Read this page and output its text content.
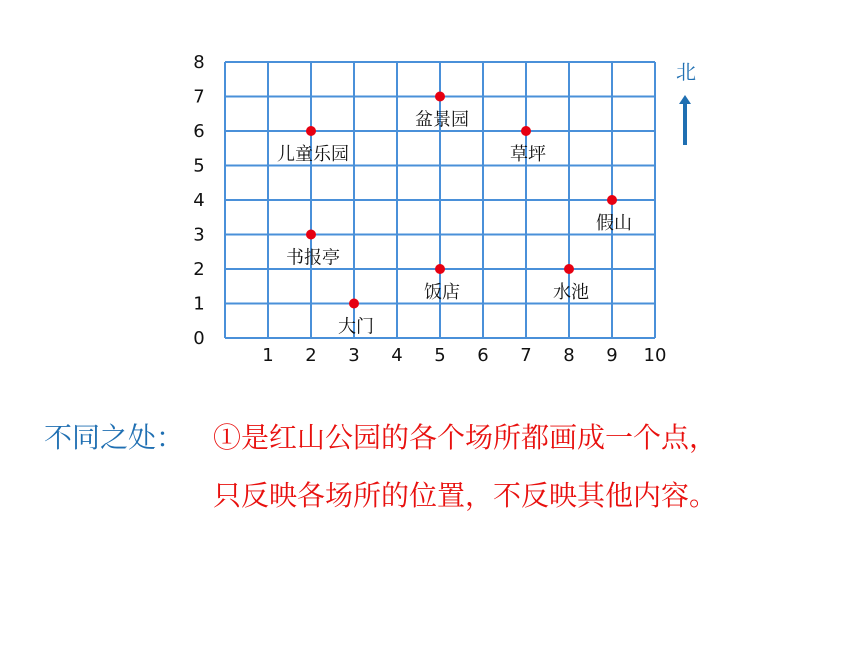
1 2 3 4 5 6 7 8 9 10
0
1
2
3
4
5
6
7
8
儿童乐园
盆景园
草坪
假山
书报亭
饭店	水池
大门
北
不同之处： ①是红山公园的各个场所都画成一个点，
只反映各场所的位置，不反映其他内容。
